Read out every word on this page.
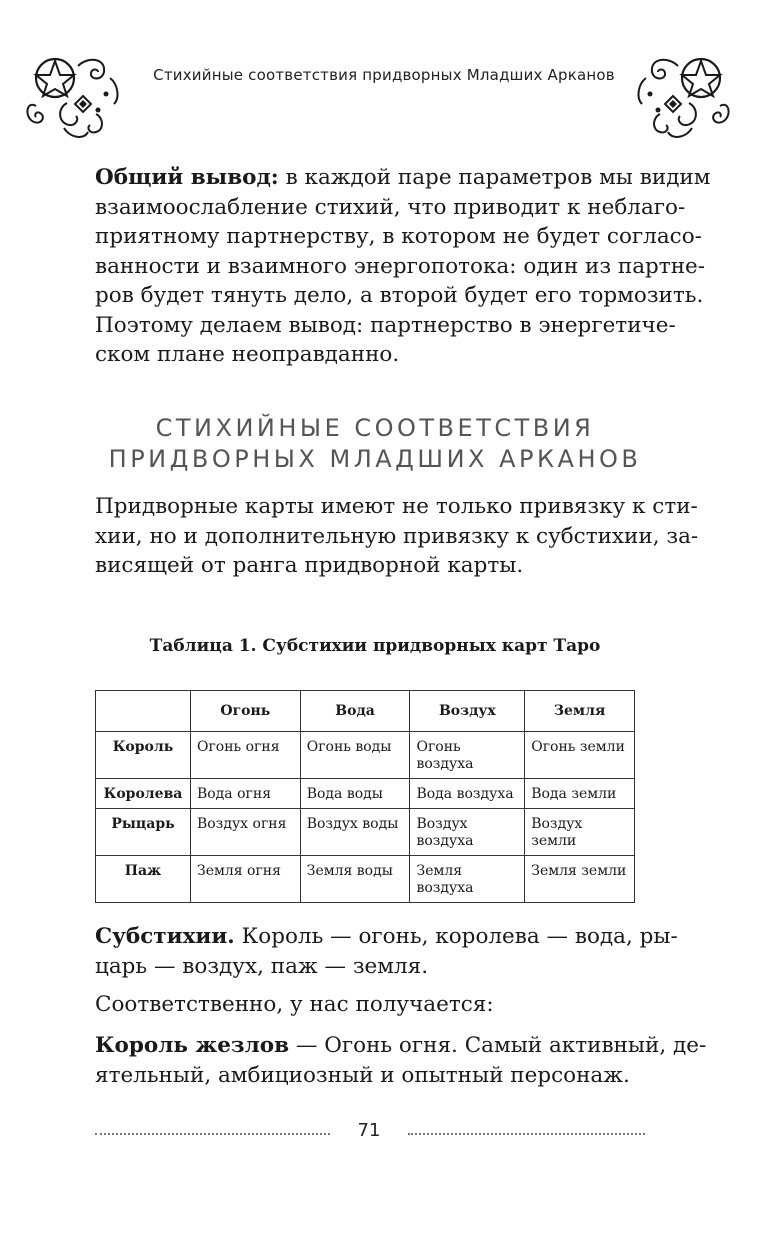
Стихийные соответствия придворных Младших Арканов

Общий вывод: в каждой паре параметров мы видим
взаимоослабление стихий, что приводит к неблаго-
приятному партнерству, в котором не будет согласо-
ванности и взаимного энергопотока: один из партне-
ров будет тянуть дело, а второй будет его тормозить.
Поэтому делаем вывод: партнерство в энергетиче-
ском плане неоправданно.

СТИХИЙНЫЕ СООТВЕТСТВИЯ
ПРИДВОРНЫХ МЛАДШИХ АРКАНОВ

Придворные карты имеют не только привязку к сти-
хии, но и дополнительную привязку к субстихии, за-
висящей от ранга придворной карты.

Таблица 1. Субстихии придворных карт Таро

	Огонь	Вода	Воздух	Земля
Король	Огонь огня	Огонь воды	Огонь воздуха	Огонь земли
Королева	Вода огня	Вода воды	Вода воздуха	Вода земли
Рыцарь	Воздух огня	Воздух воды	Воздух воздуха	Воздух земли
Паж	Земля огня	Земля воды	Земля воздуха	Земля земли

Субстихии. Король — огонь, королева — вода, ры-
царь — воздух, паж — земля.

Соответственно, у нас получается:

Король жезлов — Огонь огня. Самый активный, де-
ятельный, амбициозный и опытный персонаж.

71
